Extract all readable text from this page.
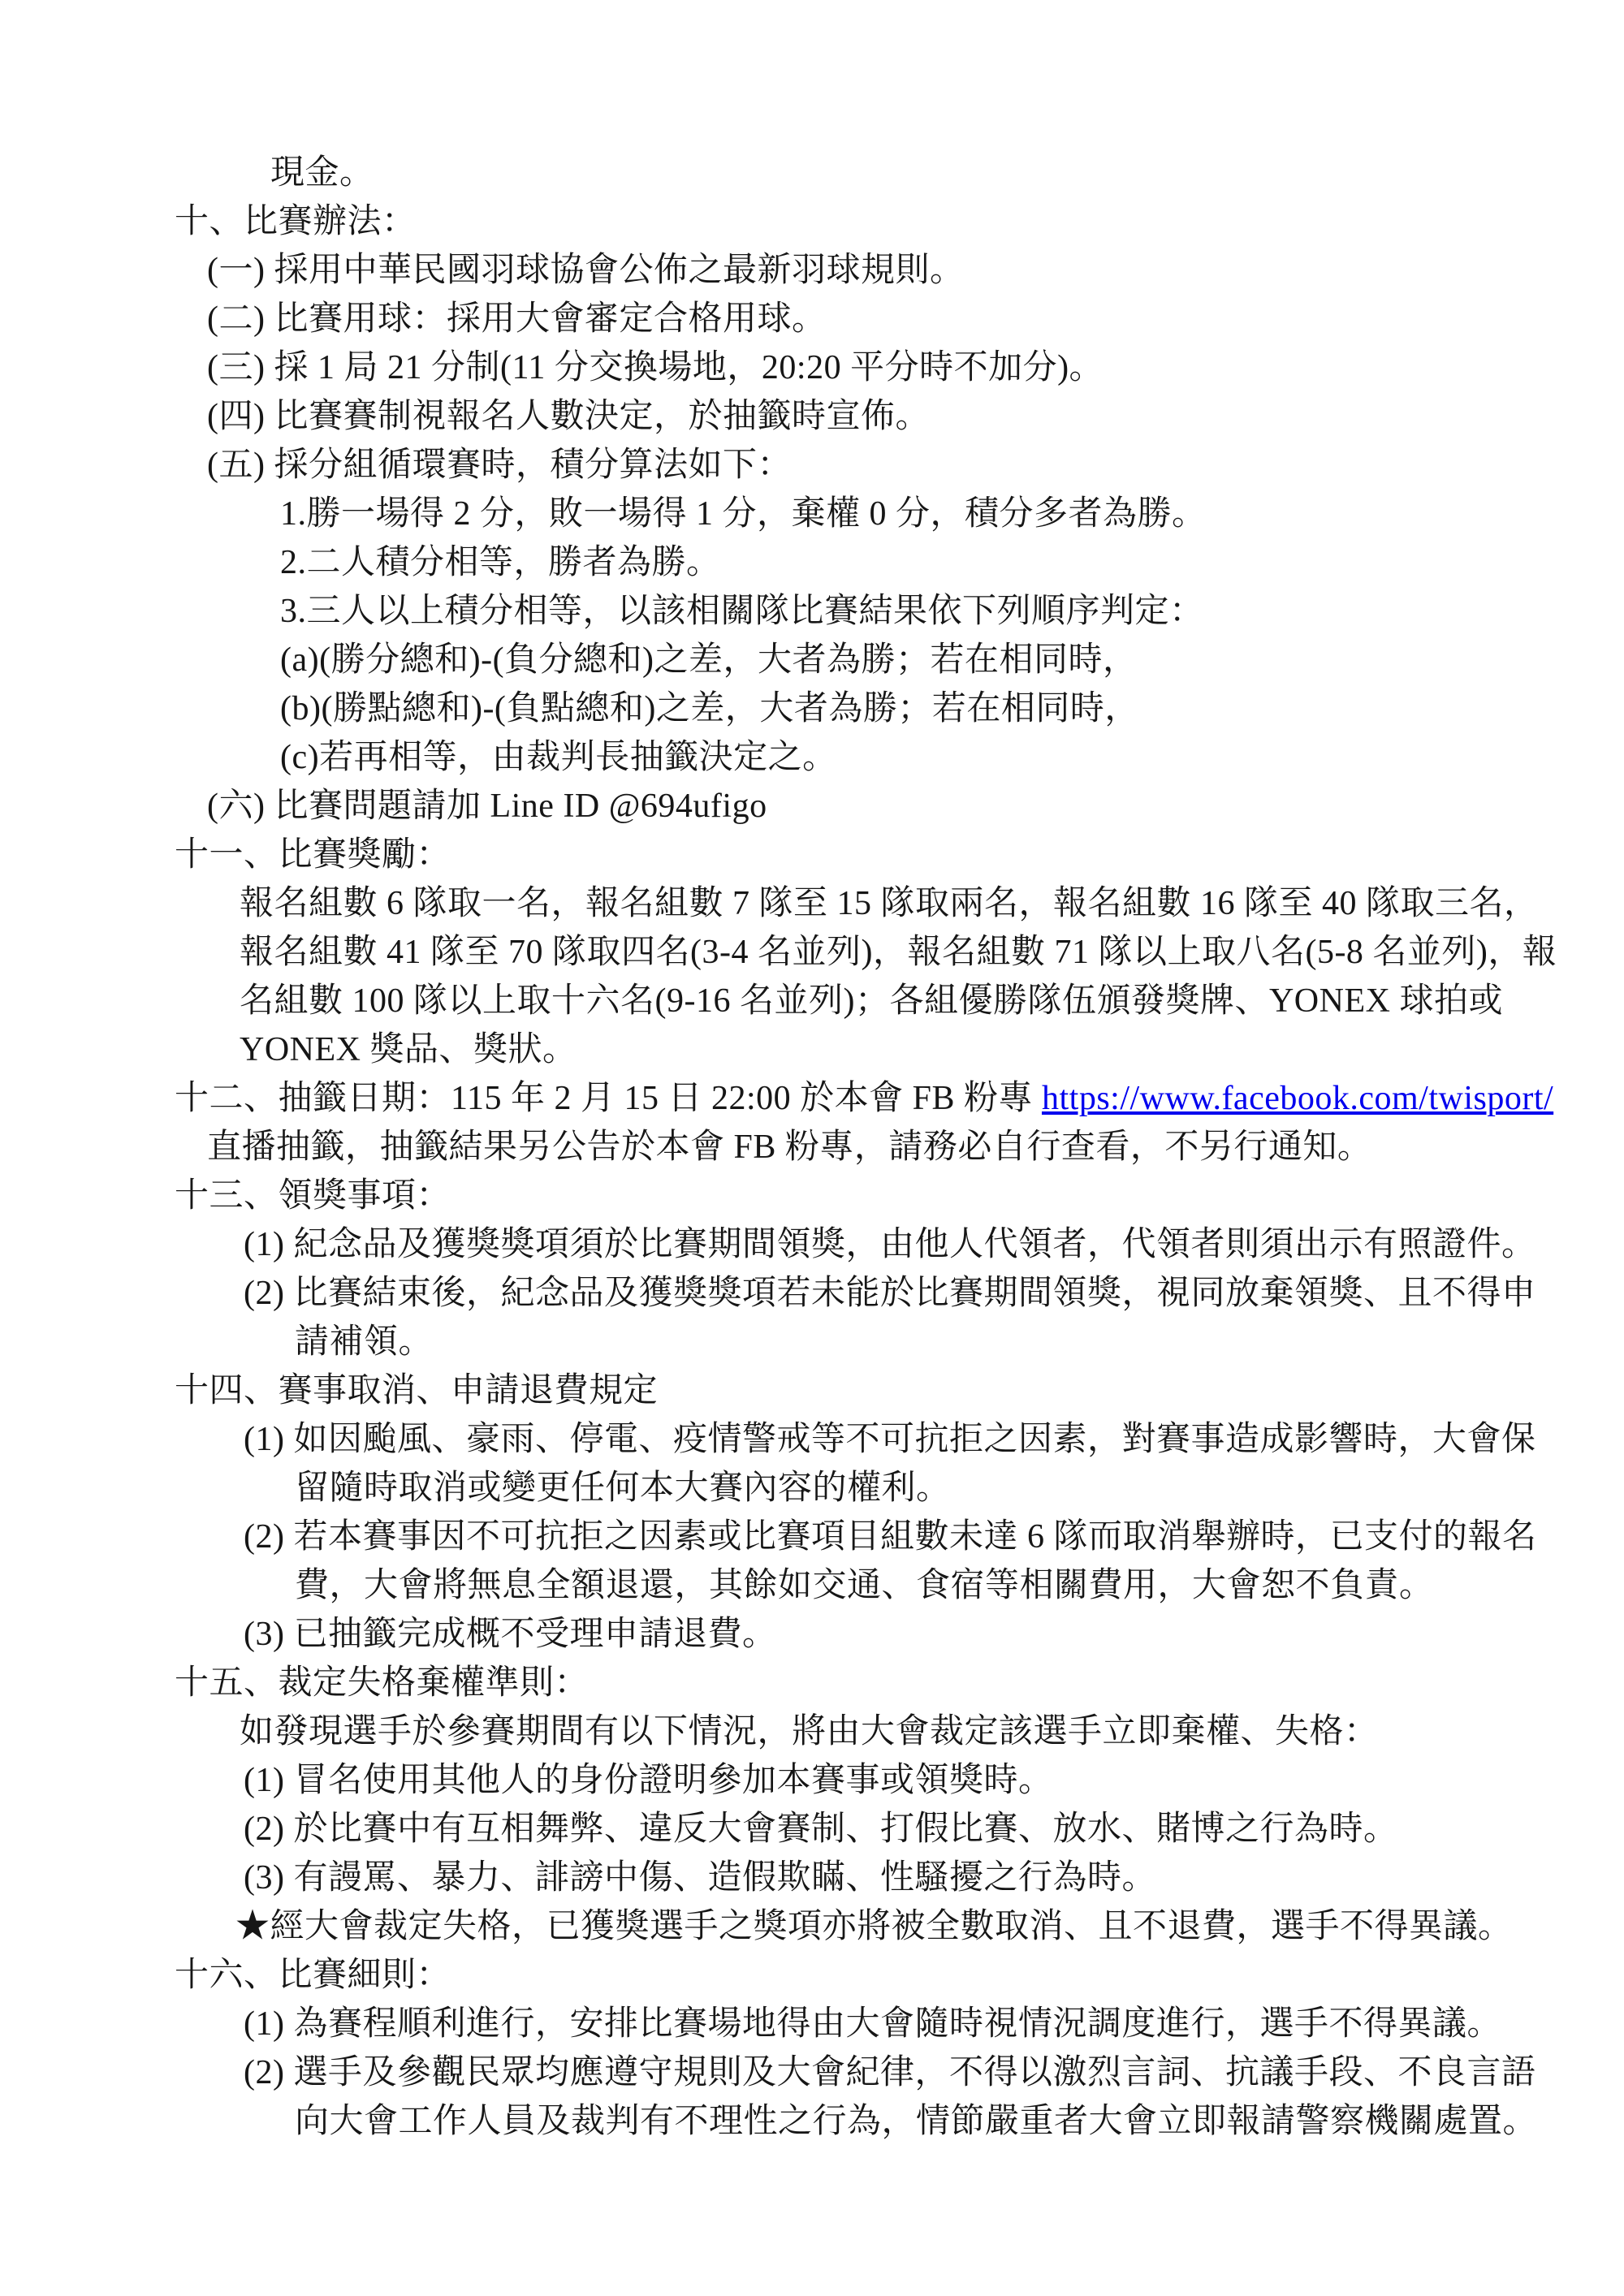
現金。
十、比賽辦法：
(一) 採用中華民國羽球協會公佈之最新羽球規則。
(二) 比賽用球：採用大會審定合格用球。
(三) 採 1 局 21 分制(11 分交換場地，20:20 平分時不加分)。
(四) 比賽賽制視報名人數決定，於抽籤時宣佈。
(五) 採分組循環賽時，積分算法如下：
1.勝一場得 2 分，敗一場得 1 分，棄權 0 分，積分多者為勝。
2.二人積分相等，勝者為勝。
3.三人以上積分相等，以該相關隊比賽結果依下列順序判定：
(a)(勝分總和)-(負分總和)之差，大者為勝；若在相同時，
(b)(勝點總和)-(負點總和)之差，大者為勝；若在相同時，
(c)若再相等，由裁判長抽籤決定之。
(六) 比賽問題請加 Line ID @694ufigo
十一、比賽獎勵：
報名組數 6 隊取一名，報名組數 7 隊至 15 隊取兩名，報名組數 16 隊至 40 隊取三名，
報名組數 41 隊至 70 隊取四名(3-4 名並列)，報名組數 71 隊以上取八名(5-8 名並列)，報
名組數 100 隊以上取十六名(9-16 名並列)；各組優勝隊伍頒發獎牌、YONEX 球拍或
YONEX 獎品、獎狀。
十二、抽籤日期：115 年 2 月 15 日 22:00 於本會 FB 粉專 https://www.facebook.com/twisport/
直播抽籤，抽籤結果另公告於本會 FB 粉專，請務必自行查看，不另行通知。
十三、領獎事項：
(1) 紀念品及獲獎獎項須於比賽期間領獎，由他人代領者，代領者則須出示有照證件。
(2) 比賽結束後，紀念品及獲獎獎項若未能於比賽期間領獎，視同放棄領獎、且不得申
請補領。
十四、賽事取消、申請退費規定
(1) 如因颱風、豪雨、停電、疫情警戒等不可抗拒之因素，對賽事造成影響時，大會保
留隨時取消或變更任何本大賽內容的權利。
(2) 若本賽事因不可抗拒之因素或比賽項目組數未達 6 隊而取消舉辦時，已支付的報名
費，大會將無息全額退還，其餘如交通、食宿等相關費用，大會恕不負責。
(3) 已抽籤完成概不受理申請退費。
十五、裁定失格棄權準則：
如發現選手於參賽期間有以下情況，將由大會裁定該選手立即棄權、失格：
(1) 冒名使用其他人的身份證明參加本賽事或領獎時。
(2) 於比賽中有互相舞弊、違反大會賽制、打假比賽、放水、賭博之行為時。
(3) 有謾罵、暴力、誹謗中傷、造假欺瞞、性騷擾之行為時。
★經大會裁定失格，已獲獎選手之獎項亦將被全數取消、且不退費，選手不得異議。
十六、比賽細則：
(1) 為賽程順利進行，安排比賽場地得由大會隨時視情況調度進行，選手不得異議。
(2) 選手及參觀民眾均應遵守規則及大會紀律，不得以激烈言詞、抗議手段、不良言語
向大會工作人員及裁判有不理性之行為，情節嚴重者大會立即報請警察機關處置。
